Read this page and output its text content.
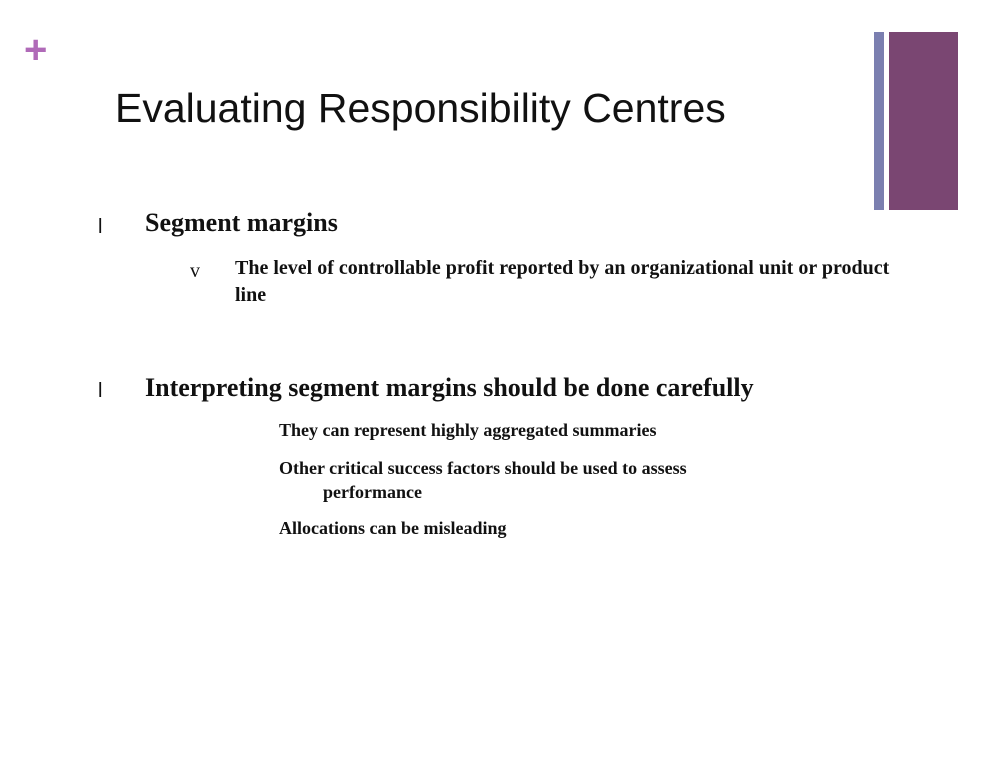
+
Evaluating Responsibility Centres
l Segment margins
v The level of controllable profit reported by an organizational unit or product line
l Interpreting segment margins should be done carefully
They can represent highly aggregated summaries
Other critical success factors should be used to assess
performance
Allocations can be misleading
